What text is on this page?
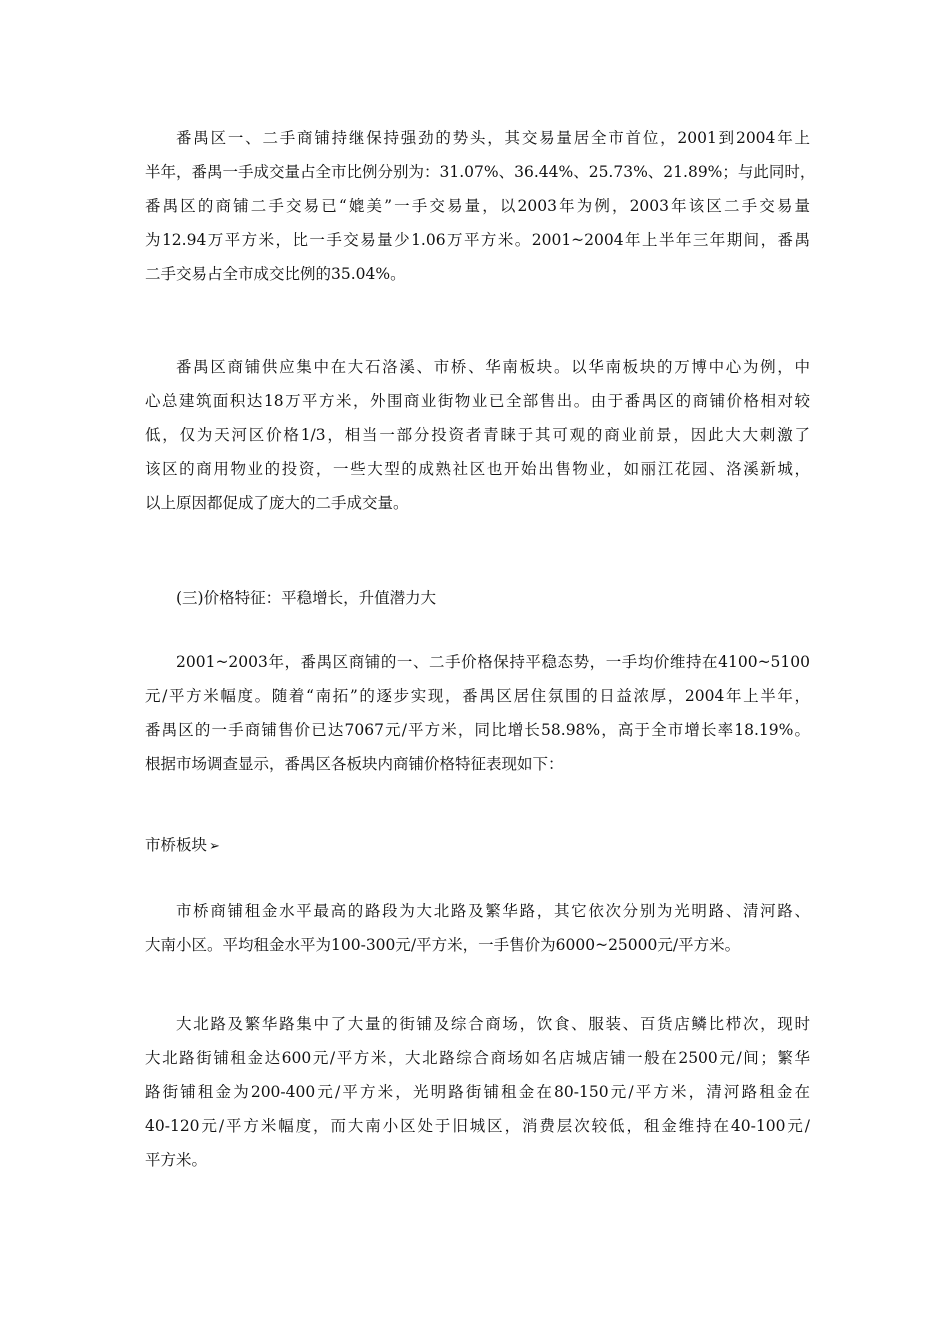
番禺区一、二手商铺持继保持强劲的势头，其交易量居全市首位，2001到2004年上
半年，番禺一手成交量占全市比例分别为：31.07%、36.44%、25.73%、21.89%；与此同时，
番禺区的商铺二手交易已“媲美”一手交易量，以2003年为例，2003年该区二手交易量
为12.94万平方米，比一手交易量少1.06万平方米。2001~2004年上半年三年期间，番禺
二手交易占全市成交比例的35.04%。
番禺区商铺供应集中在大石洛溪、市桥、华南板块。以华南板块的万博中心为例，中
心总建筑面积达18万平方米，外围商业街物业已全部售出。由于番禺区的商铺价格相对较
低，仅为天河区价格1/3，相当一部分投资者青睐于其可观的商业前景，因此大大刺激了
该区的商用物业的投资，一些大型的成熟社区也开始出售物业，如丽江花园、洛溪新城，
以上原因都促成了庞大的二手成交量。
(三)价格特征：平稳增长，升值潜力大
2001~2003年，番禺区商铺的一、二手价格保持平稳态势，一手均价维持在4100~5100
元/平方米幅度。随着“南拓”的逐步实现，番禺区居住氛围的日益浓厚，2004年上半年，
番禺区的一手商铺售价已达7067元/平方米，同比增长58.98%，高于全市增长率18.19%。
根据市场调查显示，番禺区各板块内商铺价格特征表现如下：
市桥板块 ➢
市桥商铺租金水平最高的路段为大北路及繁华路，其它依次分别为光明路、清河路、
大南小区。平均租金水平为100-300元/平方米，一手售价为6000~25000元/平方米。
大北路及繁华路集中了大量的街铺及综合商场，饮食、服装、百货店鳞比栉次，现时
大北路街铺租金达600元/平方米，大北路综合商场如名店城店铺一般在2500元/间；繁华
路街铺租金为200-400元/平方米，光明路街铺租金在80-150元/平方米，清河路租金在
40-120元/平方米幅度，而大南小区处于旧城区，消费层次较低，租金维持在40-100元/
平方米。
